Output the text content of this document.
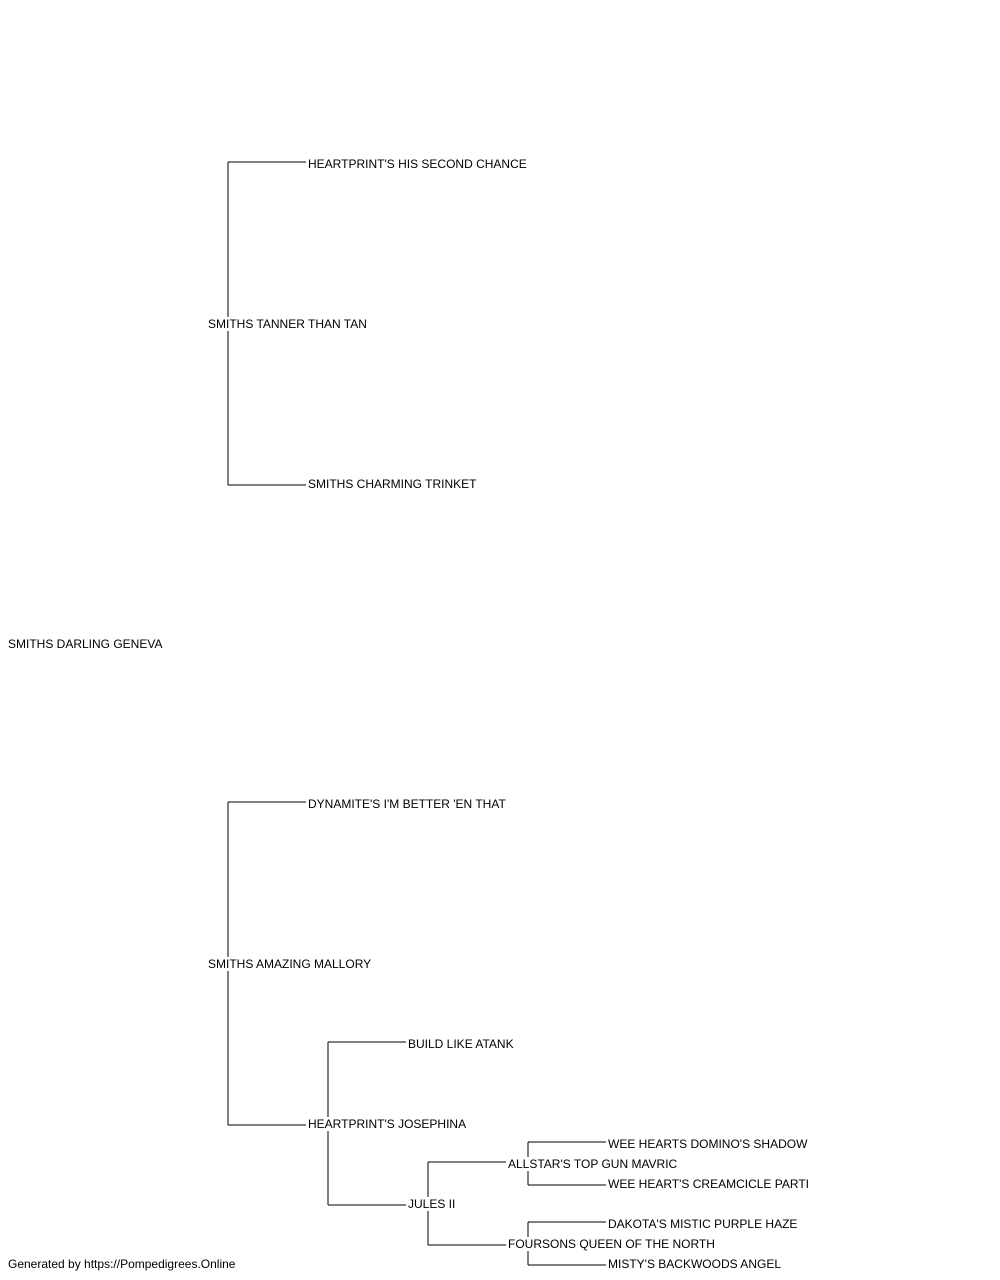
SMITHS DARLING GENEVA
SMITHS TANNER THAN TAN
SMITHS AMAZING MALLORY
HEARTPRINT'S HIS SECOND CHANCE
SMITHS CHARMING TRINKET
DYNAMITE'S I'M BETTER 'EN THAT
HEARTPRINT'S JOSEPHINA
BUILD LIKE ATANK
JULES II
ALLSTAR'S TOP GUN MAVRIC
FOURSONS QUEEN OF THE NORTH
WEE HEARTS DOMINO'S SHADOW
WEE HEART'S CREAMCICLE PARTI
DAKOTA'S MISTIC PURPLE HAZE
MISTY'S BACKWOODS ANGEL
Generated by https://Pompedigrees.Online
